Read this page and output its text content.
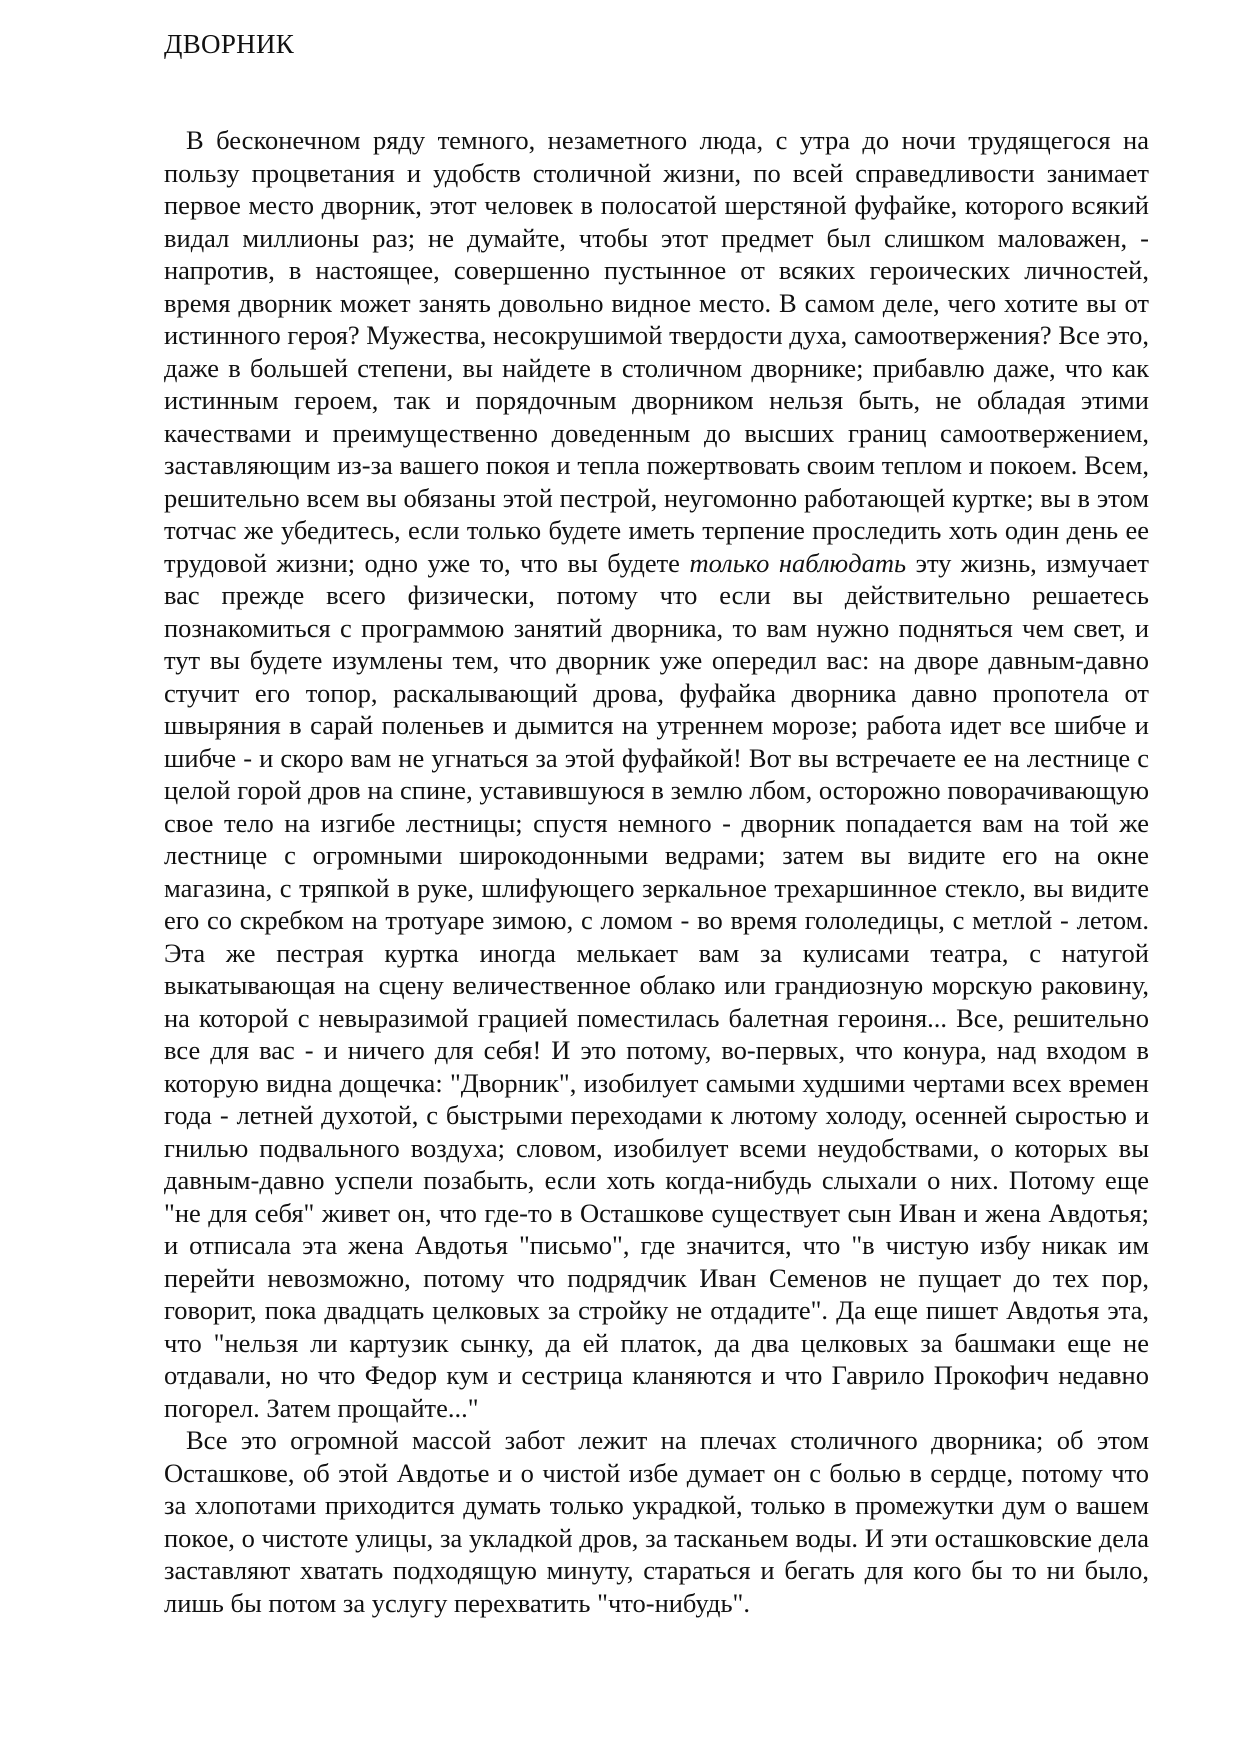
ДВОРНИК

В бесконечном ряду темного, незаметного люда, с утра до ночи трудящегося на пользу процветания и удобств столичной жизни, по всей справедливости занимает первое место дворник, этот человек в полосатой шерстяной фуфайке, которого всякий видал миллионы раз; не думайте, чтобы этот предмет был слишком маловажен, - напротив, в настоящее, совершенно пустынное от всяких героических личностей, время дворник может занять довольно видное место. В самом деле, чего хотите вы от истинного героя? Мужества, несокрушимой твердости духа, самоотвержения? Все это, даже в большей степени, вы найдете в столичном дворнике; прибавлю даже, что как истинным героем, так и порядочным дворником нельзя быть, не обладая этими качествами и преимущественно доведенным до высших границ самоотвержением, заставляющим из-за вашего покоя и тепла пожертвовать своим теплом и покоем. Всем, решительно всем вы обязаны этой пестрой, неугомонно работающей куртке; вы в этом тотчас же убедитесь, если только будете иметь терпение проследить хоть один день ее трудовой жизни; одно уже то, что вы будете только наблюдать эту жизнь, измучает вас прежде всего физически, потому что если вы действительно решаетесь познакомиться с программою занятий дворника, то вам нужно подняться чем свет, и тут вы будете изумлены тем, что дворник уже опередил вас: на дворе давным-давно стучит его топор, раскалывающий дрова, фуфайка дворника давно пропотела от швыряния в сарай поленьев и дымится на утреннем морозе; работа идет все шибче и шибче - и скоро вам не угнаться за этой фуфайкой! Вот вы встречаете ее на лестнице с целой горой дров на спине, уставившуюся в землю лбом, осторожно поворачивающую свое тело на изгибе лестницы; спустя немного - дворник попадается вам на той же лестнице с огромными широкодонными ведрами; затем вы видите его на окне магазина, с тряпкой в руке, шлифующего зеркальное трехаршинное стекло, вы видите его со скребком на тротуаре зимою, с ломом - во время гололедицы, с метлой - летом. Эта же пестрая куртка иногда мелькает вам за кулисами театра, с натугой выкатывающая на сцену величественное облако или грандиозную морскую раковину, на которой с невыразимой грацией поместилась балетная героиня... Все, решительно все для вас - и ничего для себя! И это потому, во-первых, что конура, над входом в которую видна дощечка: "Дворник", изобилует самыми худшими чертами всех времен года - летней духотой, с быстрыми переходами к лютому холоду, осенней сыростью и гнилью подвального воздуха; словом, изобилует всеми неудобствами, о которых вы давным-давно успели позабыть, если хоть когда-нибудь слыхали о них. Потому еще "не для себя" живет он, что где-то в Осташкове существует сын Иван и жена Авдотья; и отписала эта жена Авдотья "письмо", где значится, что "в чистую избу никак им перейти невозможно, потому что подрядчик Иван Семенов не пущает до тех пор, говорит, пока двадцать целковых за стройку не отдадите". Да еще пишет Авдотья эта, что "нельзя ли картузик сынку, да ей платок, да два целковых за башмаки еще не отдавали, но что Федор кум и сестрица кланяются и что Гаврило Прокофич недавно погорел. Затем прощайте..."

Все это огромной массой забот лежит на плечах столичного дворника; об этом Осташкове, об этой Авдотье и о чистой избе думает он с болью в сердце, потому что за хлопотами приходится думать только украдкой, только в промежутки дум о вашем покое, о чистоте улицы, за укладкой дров, за тасканьем воды. И эти осташковские дела заставляют хватать подходящую минуту, стараться и бегать для кого бы то ни было, лишь бы потом за услугу перехватить "что-нибудь".
